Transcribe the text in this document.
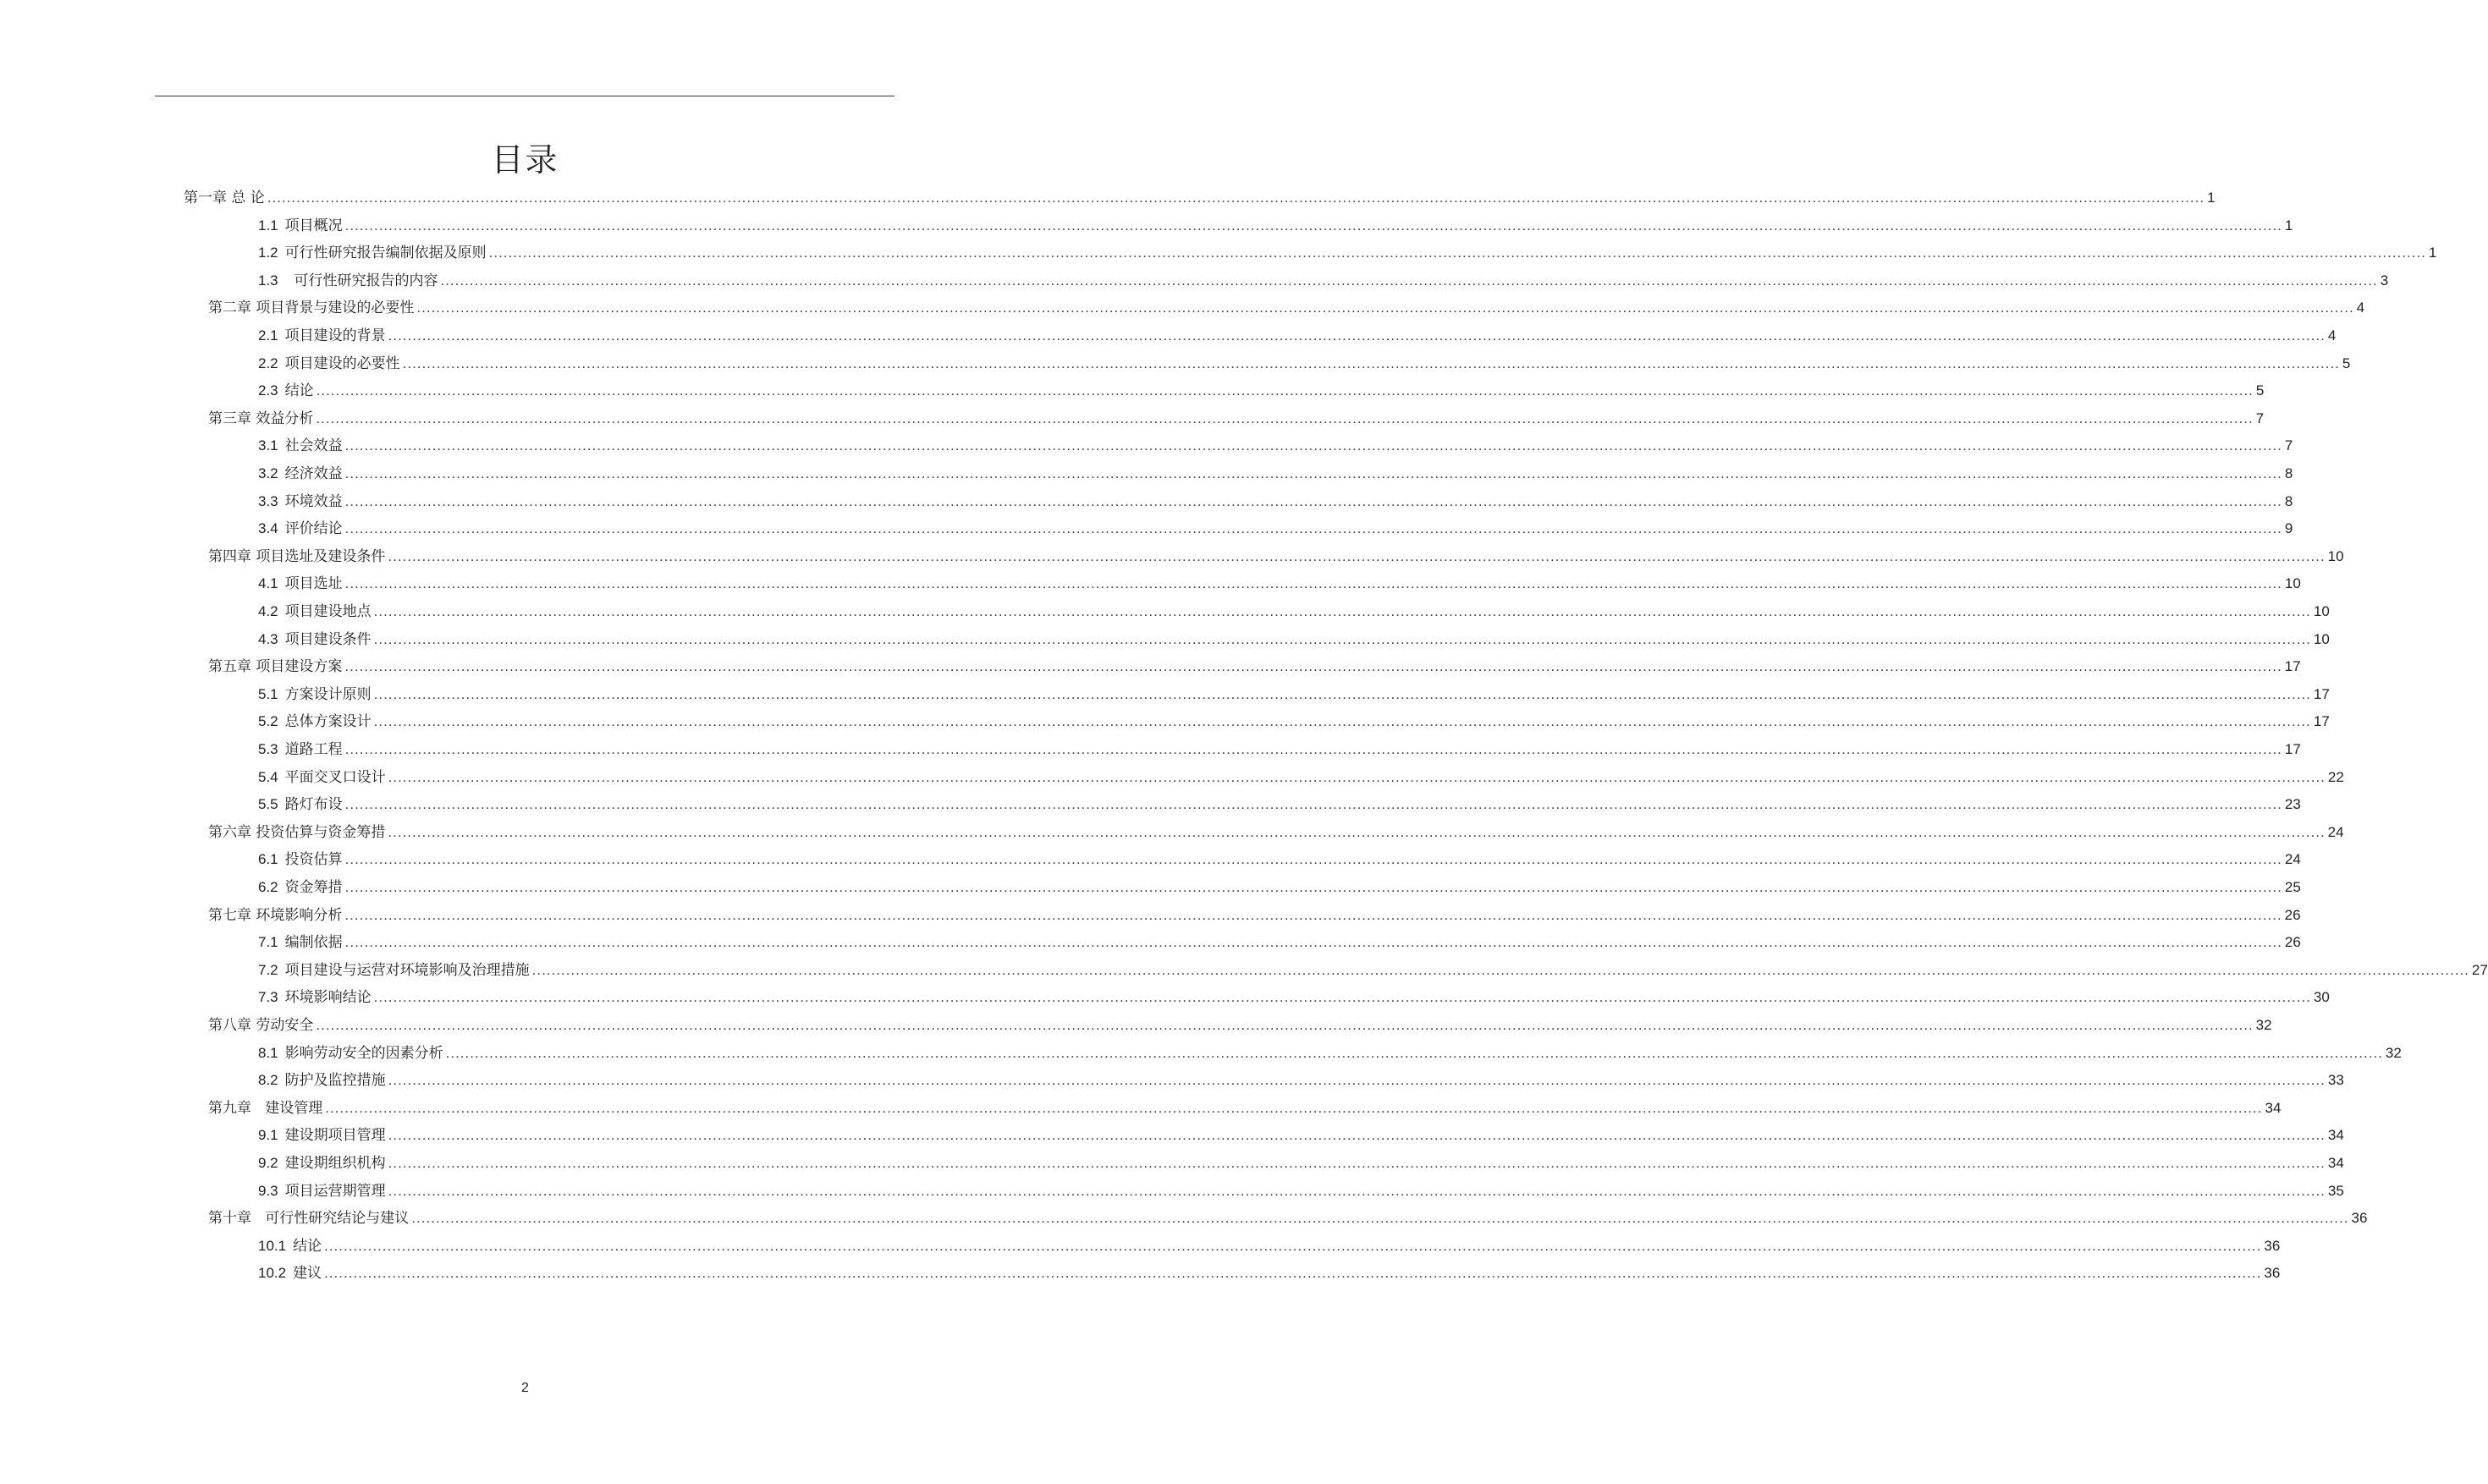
目录
第一章 总 论 ................................................................................................................................................................................................................................................................................................................................................................................................................ 1
1.1 项目概况 ................................................................................................................................................................................................................................................................................................................................................................................................................ 1
1.2 可行性研究报告编制依据及原则 ................................................................................................................................................................................................................................................................................................................................................................................................................ 1
1.3  可行性研究报告的内容 ................................................................................................................................................................................................................................................................................................................................................................................................................ 3
第二章 项目背景与建设的必要性 ................................................................................................................................................................................................................................................................................................................................................................................................................ 4
2.1 项目建设的背景 ................................................................................................................................................................................................................................................................................................................................................................................................................ 4
2.2 项目建设的必要性 ................................................................................................................................................................................................................................................................................................................................................................................................................ 5
2.3 结论 ................................................................................................................................................................................................................................................................................................................................................................................................................ 5
第三章 效益分析 ................................................................................................................................................................................................................................................................................................................................................................................................................ 7
3.1 社会效益 ................................................................................................................................................................................................................................................................................................................................................................................................................ 7
3.2 经济效益 ................................................................................................................................................................................................................................................................................................................................................................................................................ 8
3.3 环境效益 ................................................................................................................................................................................................................................................................................................................................................................................................................ 8
3.4 评价结论 ................................................................................................................................................................................................................................................................................................................................................................................................................ 9
第四章 项目选址及建设条件 ................................................................................................................................................................................................................................................................................................................................................................................................................ 10
4.1 项目选址 ................................................................................................................................................................................................................................................................................................................................................................................................................ 10
4.2 项目建设地点 ................................................................................................................................................................................................................................................................................................................................................................................................................ 10
4.3 项目建设条件 ................................................................................................................................................................................................................................................................................................................................................................................................................ 10
第五章 项目建设方案 ................................................................................................................................................................................................................................................................................................................................................................................................................ 17
5.1 方案设计原则 ................................................................................................................................................................................................................................................................................................................................................................................................................ 17
5.2 总体方案设计 ................................................................................................................................................................................................................................................................................................................................................................................................................ 17
5.3 道路工程 ................................................................................................................................................................................................................................................................................................................................................................................................................ 17
5.4 平面交叉口设计 ................................................................................................................................................................................................................................................................................................................................................................................................................ 22
5.5 路灯布设 ................................................................................................................................................................................................................................................................................................................................................................................................................ 23
第六章 投资估算与资金筹措 ................................................................................................................................................................................................................................................................................................................................................................................................................ 24
6.1 投资估算 ................................................................................................................................................................................................................................................................................................................................................................................................................ 24
6.2 资金筹措 ................................................................................................................................................................................................................................................................................................................................................................................................................ 25
第七章 环境影响分析 ................................................................................................................................................................................................................................................................................................................................................................................................................ 26
7.1 编制依据 ................................................................................................................................................................................................................................................................................................................................................................................................................ 26
7.2 项目建设与运营对环境影响及治理措施 ................................................................................................................................................................................................................................................................................................................................................................................................................ 27
7.3 环境影响结论 ................................................................................................................................................................................................................................................................................................................................................................................................................ 30
第八章 劳动安全 ................................................................................................................................................................................................................................................................................................................................................................................................................ 32
8.1 影响劳动安全的因素分析 ................................................................................................................................................................................................................................................................................................................................................................................................................ 32
8.2 防护及监控措施 ................................................................................................................................................................................................................................................................................................................................................................................................................ 33
第九章   建设管理 ................................................................................................................................................................................................................................................................................................................................................................................................................ 34
9.1 建设期项目管理 ................................................................................................................................................................................................................................................................................................................................................................................................................ 34
9.2 建设期组织机构 ................................................................................................................................................................................................................................................................................................................................................................................................................ 34
9.3 项目运营期管理 ................................................................................................................................................................................................................................................................................................................................................................................................................ 35
第十章   可行性研究结论与建议 ................................................................................................................................................................................................................................................................................................................................................................................................................ 36
10.1 结论 ................................................................................................................................................................................................................................................................................................................................................................................................................ 36
10.2 建议 ................................................................................................................................................................................................................................................................................................................................................................................................................ 36
2
